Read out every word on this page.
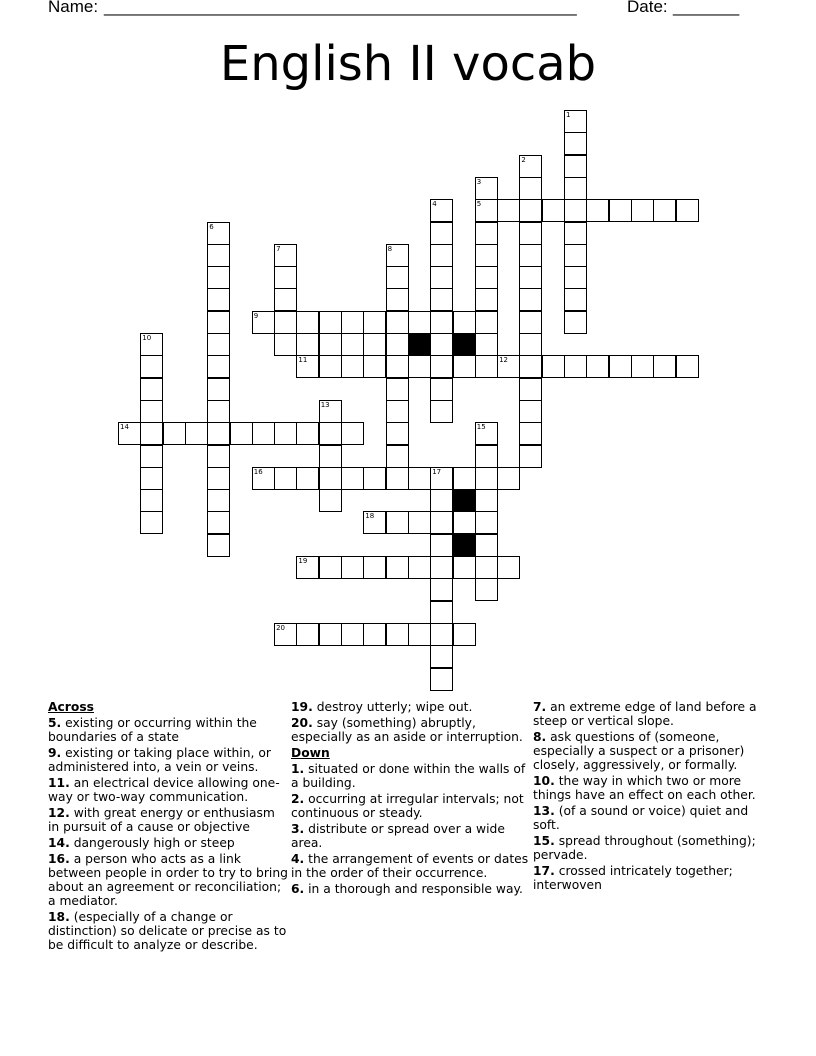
Name: __________________________________________________	Date: _______
English II vocab
1
2
3
4	5
6
7	8
9
10
11	12
13
14	15
16	17
18
19
20
Across
5. existing or occurring within the boundaries of a state
9. existing or taking place within, or administered into, a vein or veins.
11. an electrical device allowing one-way or two-way communication.
12. with great energy or enthusiasm in pursuit of a cause or objective
14. dangerously high or steep
16. a person who acts as a link between people in order to try to bring about an agreement or reconciliation; a mediator.
18. (especially of a change or distinction) so delicate or precise as to be difficult to analyze or describe.
19. destroy utterly; wipe out.
20. say (something) abruptly, especially as an aside or interruption.
Down
1. situated or done within the walls of a building.
2. occurring at irregular intervals; not continuous or steady.
3. distribute or spread over a wide area.
4. the arrangement of events or dates in the order of their occurrence.
6. in a thorough and responsible way.
7. an extreme edge of land before a steep or vertical slope.
8. ask questions of (someone, especially a suspect or a prisoner) closely, aggressively, or formally.
10. the way in which two or more things have an effect on each other.
13. (of a sound or voice) quiet and soft.
15. spread throughout (something); pervade.
17. crossed intricately together; interwoven
